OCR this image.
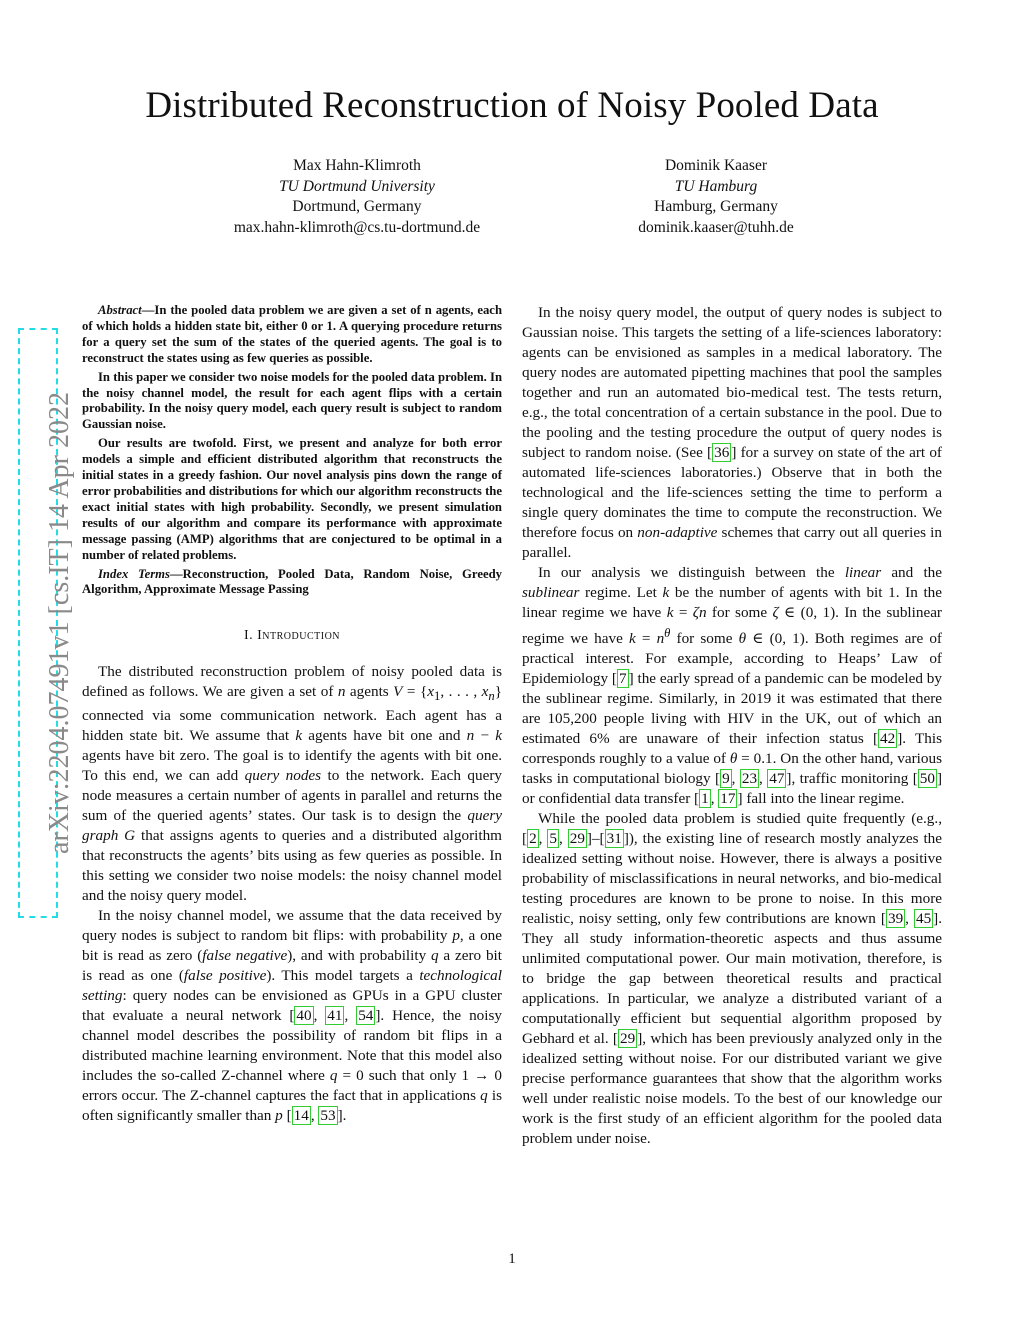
arXiv:2204.07491v1 [cs.IT] 14 Apr 2022
Distributed Reconstruction of Noisy Pooled Data
Max Hahn-Klimroth
TU Dortmund University
Dortmund, Germany
max.hahn-klimroth@cs.tu-dortmund.de
Dominik Kaaser
TU Hamburg
Hamburg, Germany
dominik.kaaser@tuhh.de

Abstract—In the pooled data problem we are given a set of n agents, each of which holds a hidden state bit, either 0 or 1. A querying procedure returns for a query set the sum of the states of the queried agents. The goal is to reconstruct the states using as few queries as possible.

In this paper we consider two noise models for the pooled data problem. In the noisy channel model, the result for each agent flips with a certain probability. In the noisy query model, each query result is subject to random Gaussian noise.

Our results are twofold. First, we present and analyze for both error models a simple and efficient distributed algorithm that reconstructs the initial states in a greedy fashion. Our novel analysis pins down the range of error probabilities and distributions for which our algorithm reconstructs the exact initial states with high probability. Secondly, we present simulation results of our algorithm and compare its performance with approximate message passing (AMP) algorithms that are conjectured to be optimal in a number of related problems.

Index Terms—Reconstruction, Pooled Data, Random Noise, Greedy Algorithm, Approximate Message Passing

I. Introduction

The distributed reconstruction problem of noisy pooled data is defined as follows. We are given a set of n agents $V = \{x_1$, . . . , $x_n$} connected via some communication network. Each agent has a hidden state bit. We assume that k agents have bit one and n − k agents have bit zero. The goal is to identify the agents with bit one. To this end, we can add query nodes to the network. Each query node measures a certain number of agents in parallel and returns the sum of the queried agents’ states. Our task is to design the query graph G that assigns agents to queries and a distributed algorithm that reconstructs the agents’ bits using as few queries as possible. In this setting we consider two noise models: the noisy channel model and the noisy query model.

In the noisy channel model, we assume that the data received by query nodes is subject to random bit flips: with probability p, a one bit is read as zero (false negative), and with probability q a zero bit is read as one (false positive). This model targets a technological setting: query nodes can be envisioned as GPUs in a GPU cluster that evaluate a neural network [ 40 , 41 , 54 ]. Hence, the noisy channel model describes the possibility of random bit flips in a distributed machine learning environment. Note that this model also includes the so-called Z-channel where q = 0 such that only 1 → 0 errors occur. The Z-channel captures the fact that in applications q is often significantly smaller than p [ 14 , 53 ].

In the noisy query model, the output of query nodes is subject to Gaussian noise. This targets the setting of a life-sciences laboratory: agents can be envisioned as samples in a medical laboratory. The query nodes are automated pipetting machines that pool the samples together and run an automated bio-medical test. The tests return, e.g., the total concentration of a certain substance in the pool. Due to the pooling and the testing procedure the output of query nodes is subject to random noise. (See [ 36 ] for a survey on state of the art of automated life-sciences laboratories.) Observe that in both the technological and the life-sciences setting the time to perform a single query dominates the time to compute the reconstruction. We therefore focus on non-adaptive schemes that carry out all queries in parallel.

In our analysis we distinguish between the linear and the sublinear regime. Let k be the number of agents with bit 1. In the linear regime we have k = ζn for some ζ ∈ (0, 1). In the sublinear regime we have $k = n^\theta$ for some θ ∈ (0, 1). Both regimes are of practical interest. For example, according to Heaps’ Law of Epidemiology [ 7 ] the early spread of a pandemic can be modeled by the sublinear regime. Similarly, in 2019 it was estimated that there are 105,200 people living with HIV in the UK, out of which an estimated 6% are unaware of their infection status [ 42 ]. This corresponds roughly to a value of θ = 0.1. On the other hand, various tasks in computational biology [ 9 , 23 , 47 ], traffic monitoring [ 50 ] or confidential data transfer [ 1 , 17 ] fall into the linear regime.

While the pooled data problem is studied quite frequently (e.g., [ 2 , 5 , 29 ]–[ 31 ]), the existing line of research mostly analyzes the idealized setting without noise. However, there is always a positive probability of misclassifications in neural networks, and bio-medical testing procedures are known to be prone to noise. In this more realistic, noisy setting, only few contributions are known [ 39 , 45 ]. They all study information-theoretic aspects and thus assume unlimited computational power. Our main motivation, therefore, is to bridge the gap between theoretical results and practical applications. In particular, we analyze a distributed variant of a computationally efficient but sequential algorithm proposed by Gebhard et al. [ 29 ], which has been previously analyzed only in the idealized setting without noise. For our distributed variant we give precise performance guarantees that show that the algorithm works well under realistic noise models. To the best of our knowledge our work is the first study of an efficient algorithm for the pooled data problem under noise.

1
